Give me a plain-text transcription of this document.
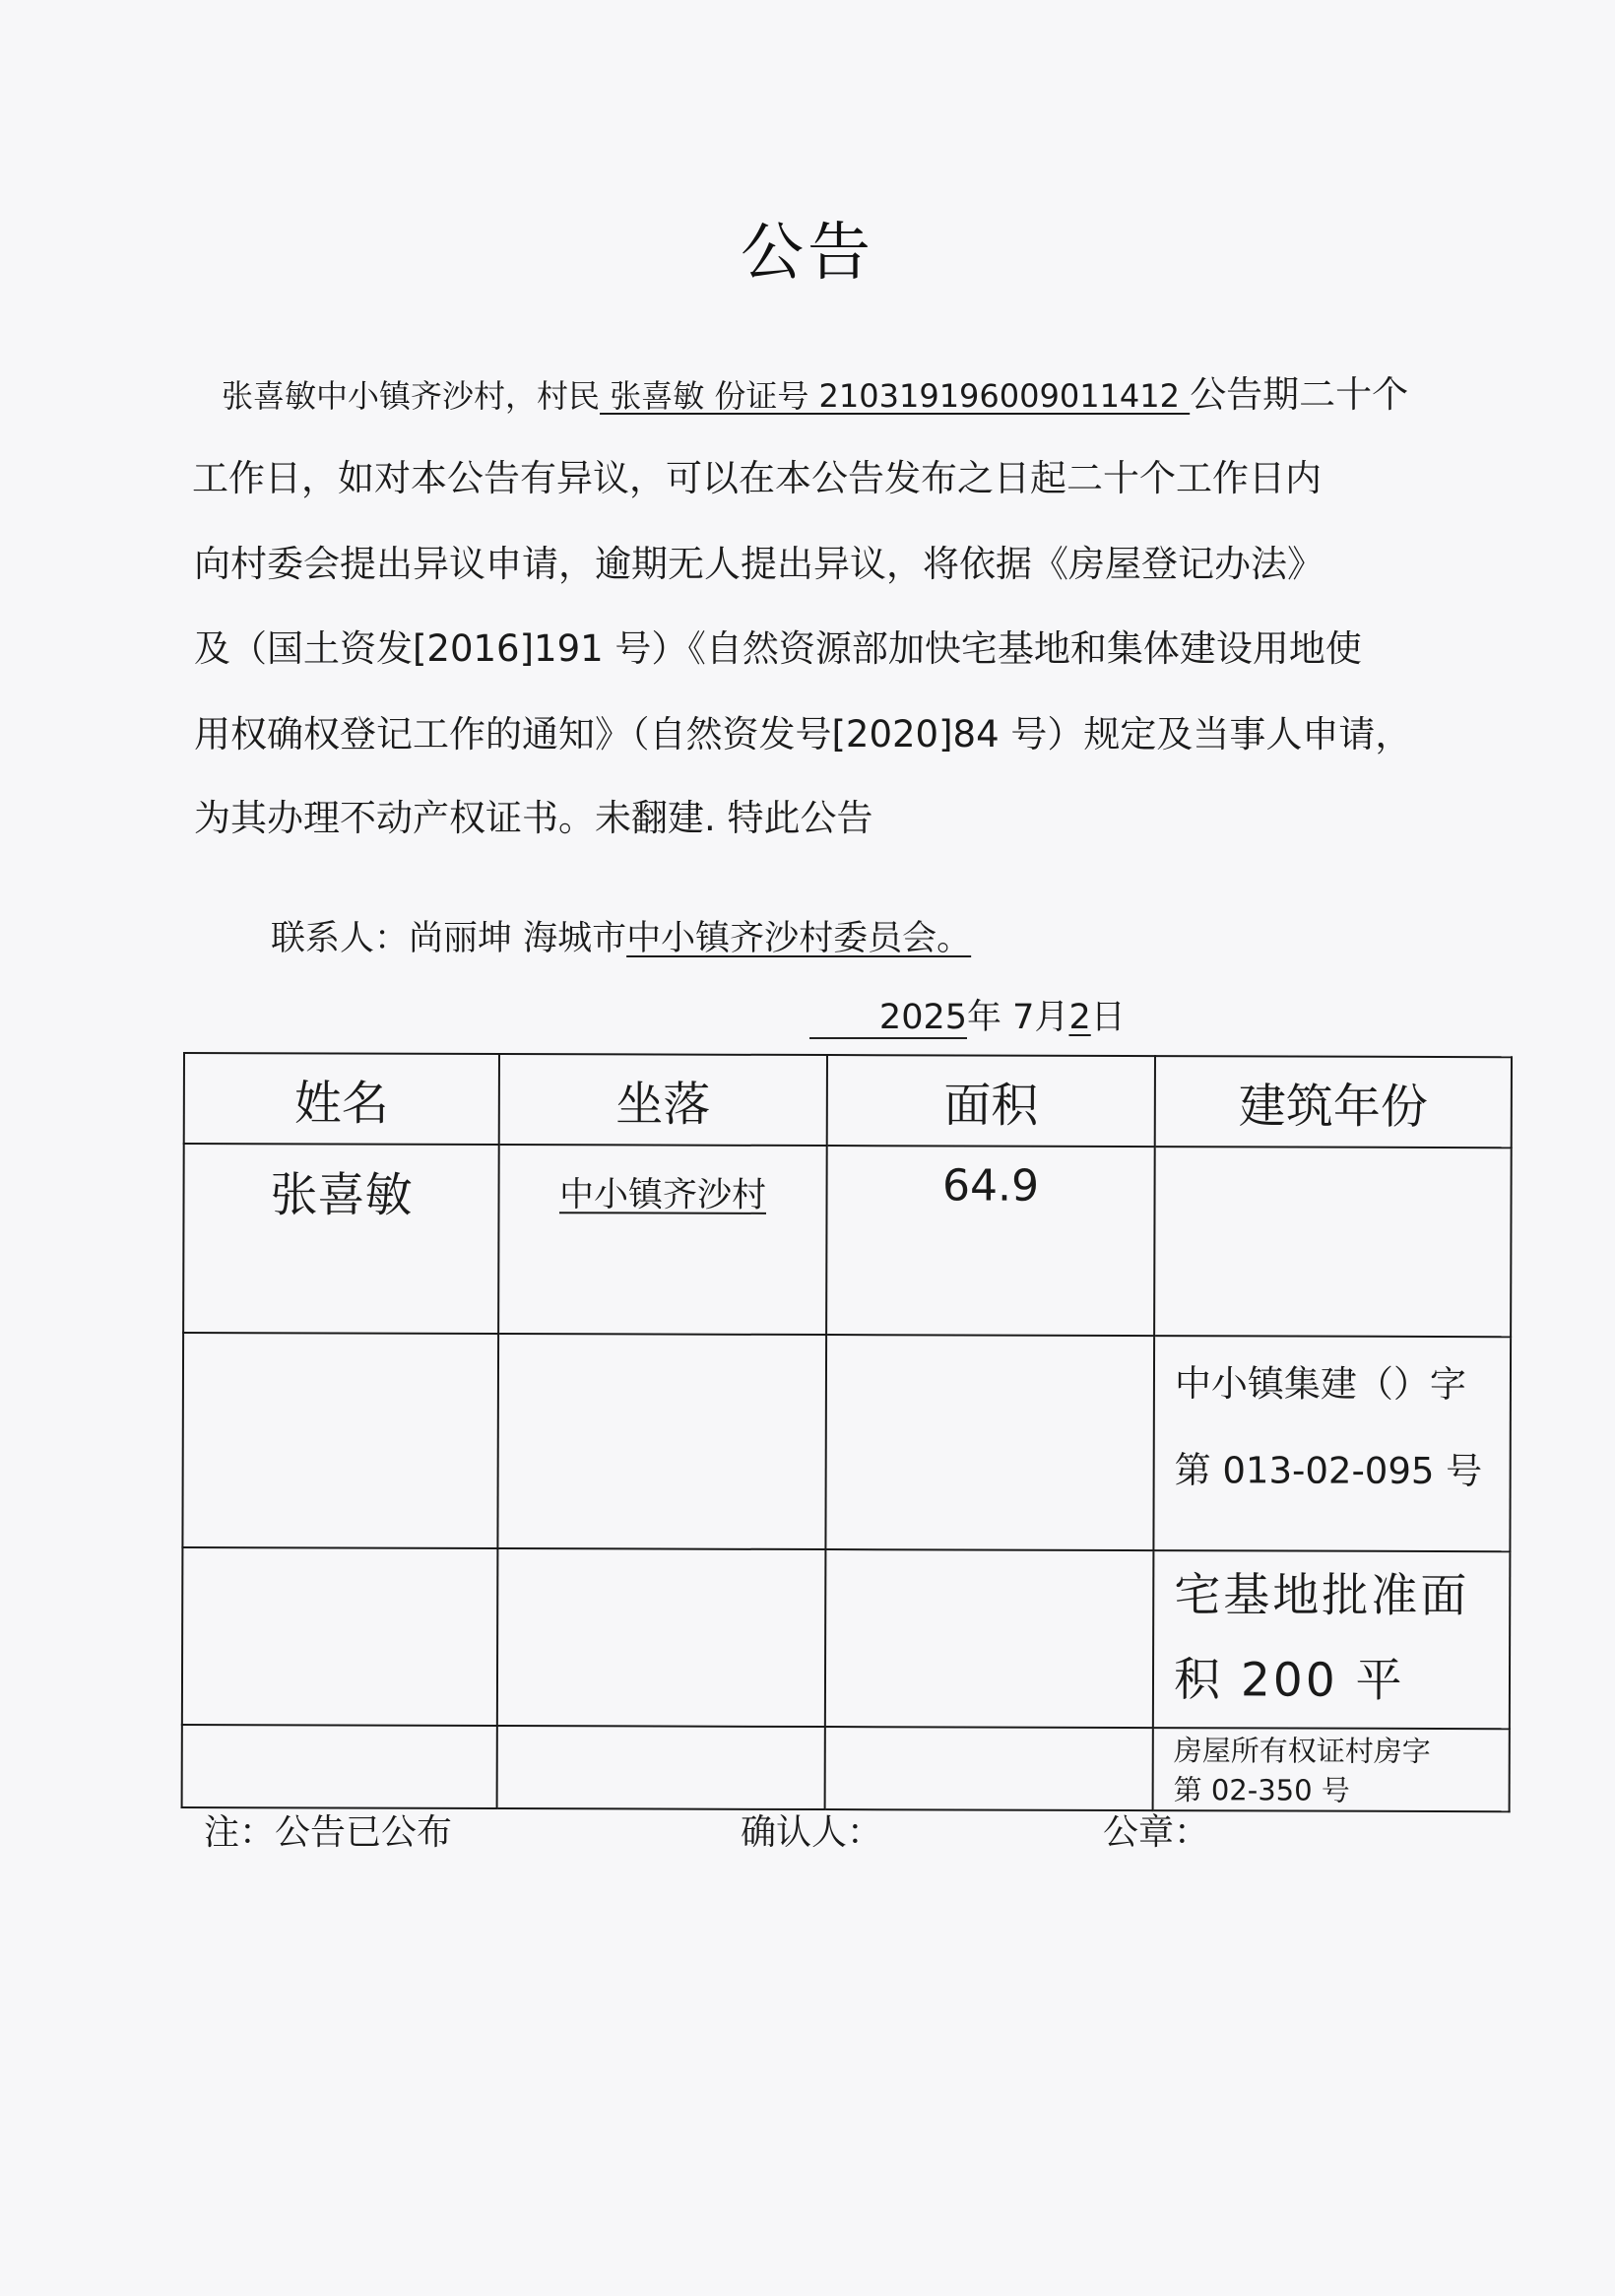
公告
张喜敏中小镇齐沙村，村民 张喜敏 份证号 210319196009011412 公告期二十个
工作日，如对本公告有异议，可以在本公告发布之日起二十个工作日内
向村委会提出异议申请，逾期无人提出异议，将依据《房屋登记办法》
及（国土资发[2016]191 号）《自然资源部加快宅基地和集体建设用地使
用权确权登记工作的通知》（自然资发号[2020]84 号）规定及当事人申请，
为其办理不动产权证书。未翻建. 特此公告
联系人：尚丽坤 海城市中小镇齐沙村委员会。
2025年 7月2日
姓名	坐落	面积	建筑年份
张喜敏	中小镇齐沙村	64.9	

			中小镇集建（）字
第 013-02-095 号

			宅基地批准面
积 200 平

			房屋所有权证村房字
第 02-350 号
注：公告已公布	确认人：	公章：
